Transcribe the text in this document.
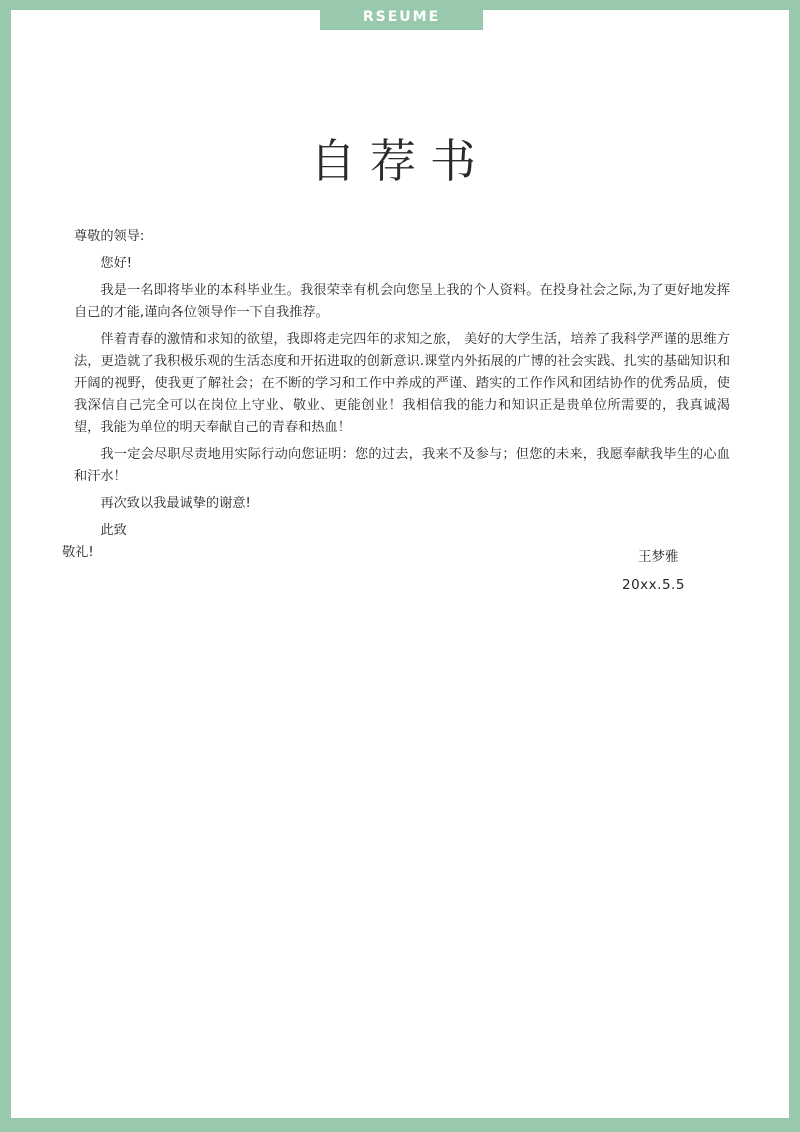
RSEUME
自荐书

尊敬的领导:

您好!

我是一名即将毕业的本科毕业生。我很荣幸有机会向您呈上我的个人资料。在投身社会之际,为了更好地发挥自己的才能,谨向各位领导作一下自我推荐。

伴着青春的激情和求知的欲望，我即将走完四年的求知之旅， 美好的大学生活，培养了我科学严谨的思维方法，更造就了我积极乐观的生活态度和开拓进取的创新意识.课堂内外拓展的广博的社会实践、扎实的基础知识和开阔的视野，使我更了解社会；在不断的学习和工作中养成的严谨、踏实的工作作风和团结协作的优秀品质，使我深信自己完全可以在岗位上守业、敬业、更能创业！我相信我的能力和知识正是贵单位所需要的，我真诚渴望，我能为单位的明天奉献自己的青春和热血！

我一定会尽职尽责地用实际行动向您证明：您的过去，我来不及参与；但您的未来，我愿奉献我毕生的心血和汗水！

再次致以我最诚挚的谢意!

此致

敬礼!	王梦雅
20xx.5.5
